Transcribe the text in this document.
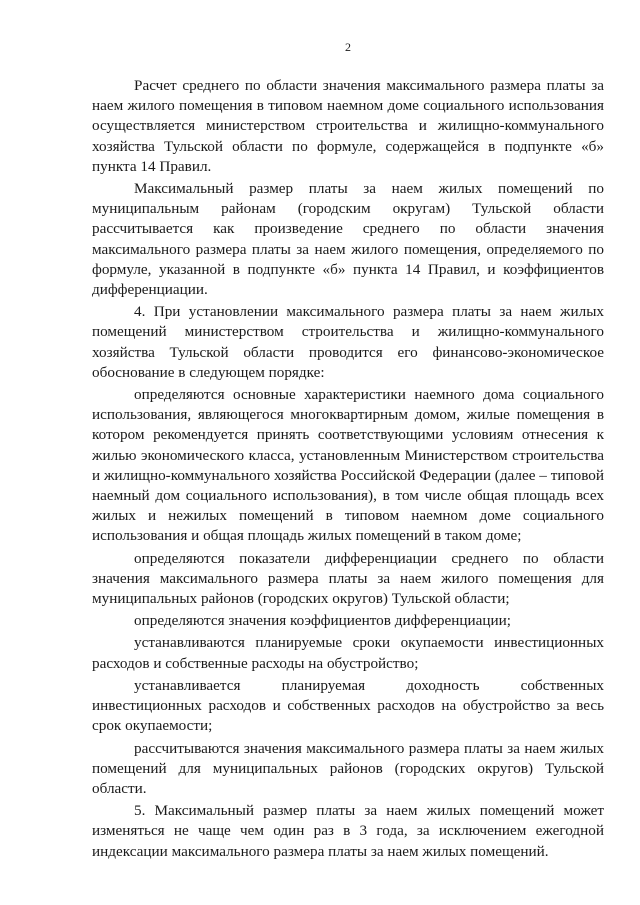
2

Расчет среднего по области значения максимального размера платы за наем жилого помещения в типовом наемном доме социального использования осуществляется министерством строительства и жилищно-коммунального хозяйства Тульской области по формуле, содержащейся в подпункте «б» пункта 14 Правил.

Максимальный размер платы за наем жилых помещений по муниципальным районам (городским округам) Тульской области рассчитывается как произведение среднего по области значения максимального размера платы за наем жилого помещения, определяемого по формуле, указанной в подпункте «б» пункта 14 Правил, и коэффициентов дифференциации.

4. При установлении максимального размера платы за наем жилых помещений министерством строительства и жилищно-коммунального хозяйства Тульской области проводится его финансово-экономическое обоснование в следующем порядке:

определяются основные характеристики наемного дома социального использования, являющегося многоквартирным домом, жилые помещения в котором рекомендуется принять соответствующими условиям отнесения к жилью экономического класса, установленным Министерством строительства и жилищно-коммунального хозяйства Российской Федерации (далее – типовой наемный дом социального использования), в том числе общая площадь всех жилых и нежилых помещений в типовом наемном доме социального использования и общая площадь жилых помещений в таком доме;

определяются показатели дифференциации среднего по области значения максимального размера платы за наем жилого помещения для муниципальных районов (городских округов) Тульской области;

определяются значения коэффициентов дифференциации;

устанавливаются планируемые сроки окупаемости инвестиционных расходов и собственные расходы на обустройство;

устанавливается планируемая доходность собственных инвестиционных расходов и собственных расходов на обустройство за весь срок окупаемости;

рассчитываются значения максимального размера платы за наем жилых помещений для муниципальных районов (городских округов) Тульской области.

5. Максимальный размер платы за наем жилых помещений может изменяться не чаще чем один раз в 3 года, за исключением ежегодной индексации максимального размера платы за наем жилых помещений.
